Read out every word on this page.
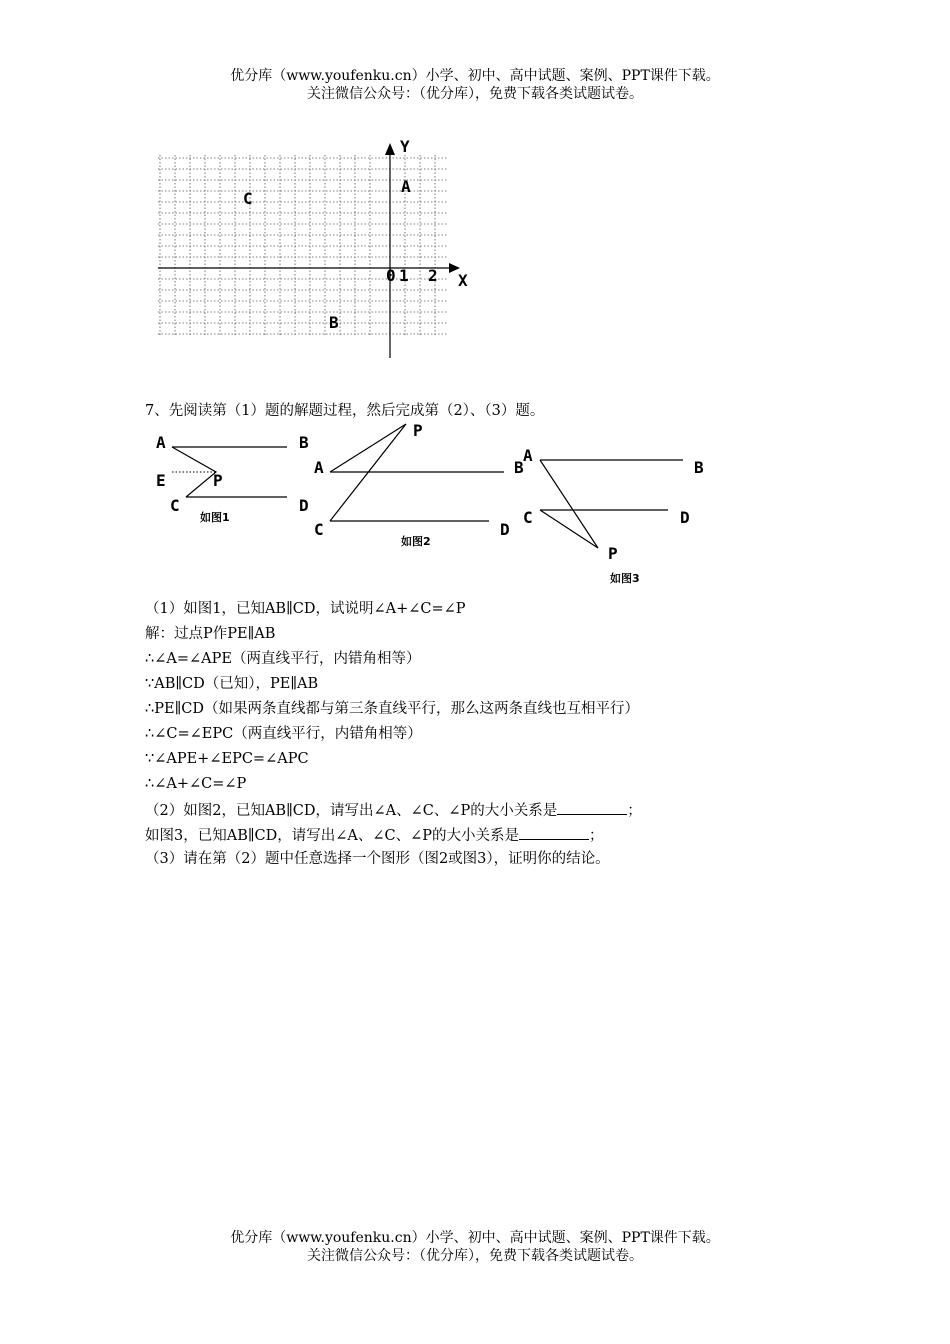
优分库（www.youfenku.cn）小学、初中、高中试题、案例、PPT课件下载。
关注微信公众号：（优分库），免费下载各类试题试卷。
Y
X
0 1 2
A
C
B
7、先阅读第（1）题的解题过程，然后完成第（2）、（3）题。
A	B
E	P
C	D
如图1
P
A	B
C	D
如图2
A
B
C	D
P
如图3
（1）如图1，已知AB∥CD，试说明∠A+∠C=∠P
解：过点P作PE∥AB
∴∠A=∠APE（两直线平行，内错角相等）
∵AB∥CD（已知），PE∥AB
∴PE∥CD（如果两条直线都与第三条直线平行，那么这两条直线也互相平行）
∴∠C=∠EPC（两直线平行，内错角相等）
∵∠APE+∠EPC=∠APC
∴∠A+∠C=∠P
（2）如图2，已知AB∥CD，请写出∠A、∠C、∠P的大小关系是	；
如图3，已知AB∥CD，请写出∠A、∠C、∠P的大小关系是	；
（3）请在第（2）题中任意选择一个图形（图2或图3），证明你的结论。
优分库（www.youfenku.cn）小学、初中、高中试题、案例、PPT课件下载。
关注微信公众号：（优分库），免费下载各类试题试卷。
